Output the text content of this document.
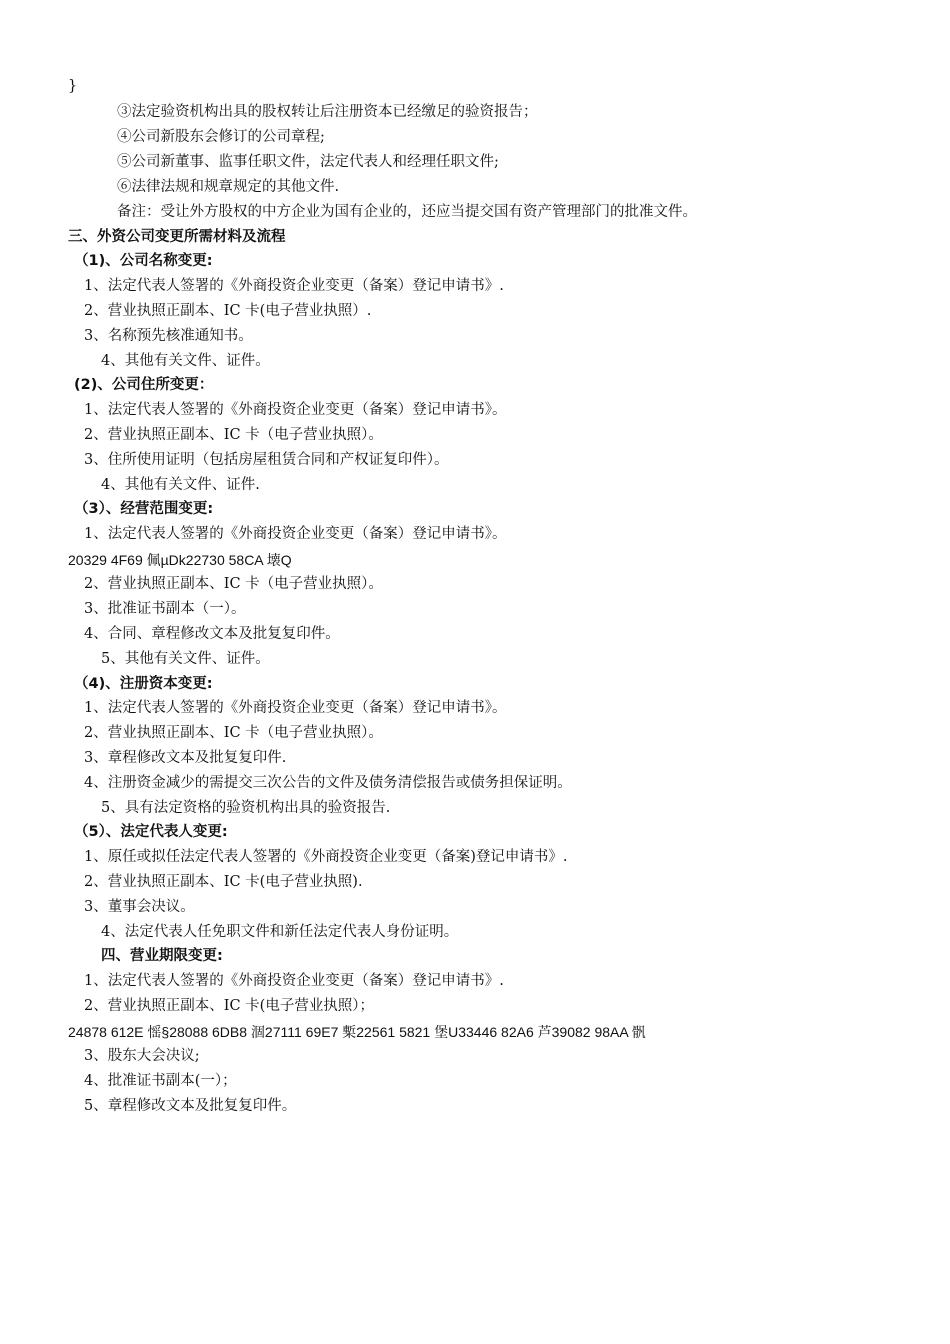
}
③法定验资机构出具的股权转让后注册资本已经缴足的验资报告；
④公司新股东会修订的公司章程;
⑤公司新董事、监事任职文件，法定代表人和经理任职文件;
⑥法律法规和规章规定的其他文件.
备注：受让外方股权的中方企业为国有企业的，还应当提交国有资产管理部门的批准文件。
三、外资公司变更所需材料及流程
（1)、公司名称变更:
1、法定代表人签署的《外商投资企业变更（备案）登记申请书》.
2、营业执照正副本、IC 卡(电子营业执照）.
3、名称预先核准通知书。
4、其他有关文件、证件。
(2)、公司住所变更：
1、法定代表人签署的《外商投资企业变更（备案）登记申请书》。
2、营业执照正副本、IC 卡（电子营业执照）。
3、住所使用证明（包括房屋租赁合同和产权证复印件）。
4、其他有关文件、证件.
（3）、经营范围变更:
1、法定代表人签署的《外商投资企业变更（备案）登记申请书》。
20329 4F69 佩µDk22730 58CA 壊Q
2、营业执照正副本、IC 卡（电子营业执照）。
3、批准证书副本（一）。
4、合同、章程修改文本及批复复印件。
5、其他有关文件、证件。
（4)、注册资本变更:
1、法定代表人签署的《外商投资企业变更（备案）登记申请书》。
2、营业执照正副本、IC 卡（电子营业执照）。
3、章程修改文本及批复复印件.
4、注册资金减少的需提交三次公告的文件及债务清偿报告或债务担保证明。
5、具有法定资格的验资机构出具的验资报告.
（5）、法定代表人变更:
1、原任或拟任法定代表人签署的《外商投资企业变更（备案)登记申请书》.
2、营业执照正副本、IC 卡(电子营业执照).
3、董事会决议。
4、法定代表人任免职文件和新任法定代表人身份证明。
四、营业期限变更:
1、法定代表人签署的《外商投资企业变更（备案）登记申请书》.
2、营业执照正副本、IC 卡(电子营业执照）；
24878 612E 愮§28088 6DB8 涸27111 69E7 槧22561 5821 堡U33446 82A6 芦39082 98AA 骪
3、股东大会决议;
4、批准证书副本(一）；
5、章程修改文本及批复复印件。
